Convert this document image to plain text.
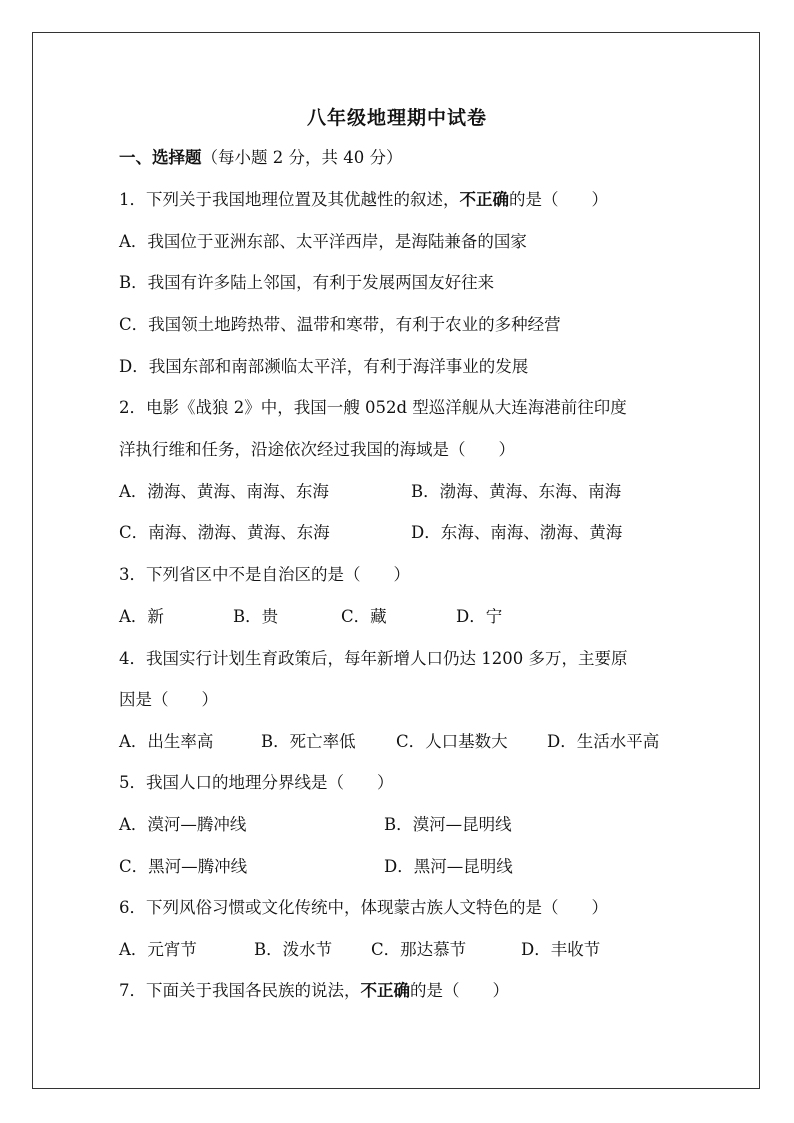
八年级地理期中试卷
一、选择题（每小题 2 分，共 40 分）
1．下列关于我国地理位置及其优越性的叙述，不正确的是（　　）
A．我国位于亚洲东部、太平洋西岸，是海陆兼备的国家
B．我国有许多陆上邻国，有利于发展两国友好往来
C．我国领土地跨热带、温带和寒带，有利于农业的多种经营
D．我国东部和南部濒临太平洋，有利于海洋事业的发展
2．电影《战狼 2》中，我国一艘 052d 型巡洋舰从大连海港前往印度
洋执行维和任务，沿途依次经过我国的海域是（　　）
A．渤海、黄海、南海、东海	B．渤海、黄海、东海、南海
C．南海、渤海、黄海、东海	D．东海、南海、渤海、黄海
3．下列省区中不是自治区的是（　　）
A．新	B．贵	C．藏	D．宁
4．我国实行计划生育政策后，每年新增人口仍达 1200 多万，主要原
因是（　　）
A．出生率高	B．死亡率低 C．人口基数大 D．生活水平高
5．我国人口的地理分界线是（　　）
A．漠河—腾冲线	B．漠河—昆明线
C．黑河—腾冲线	D．黑河—昆明线
6．下列风俗习惯或文化传统中，体现蒙古族人文特色的是（　　）
A．元宵节	B．泼水节 C．那达慕节	D．丰收节
7．下面关于我国各民族的说法，不正确的是（　　）
